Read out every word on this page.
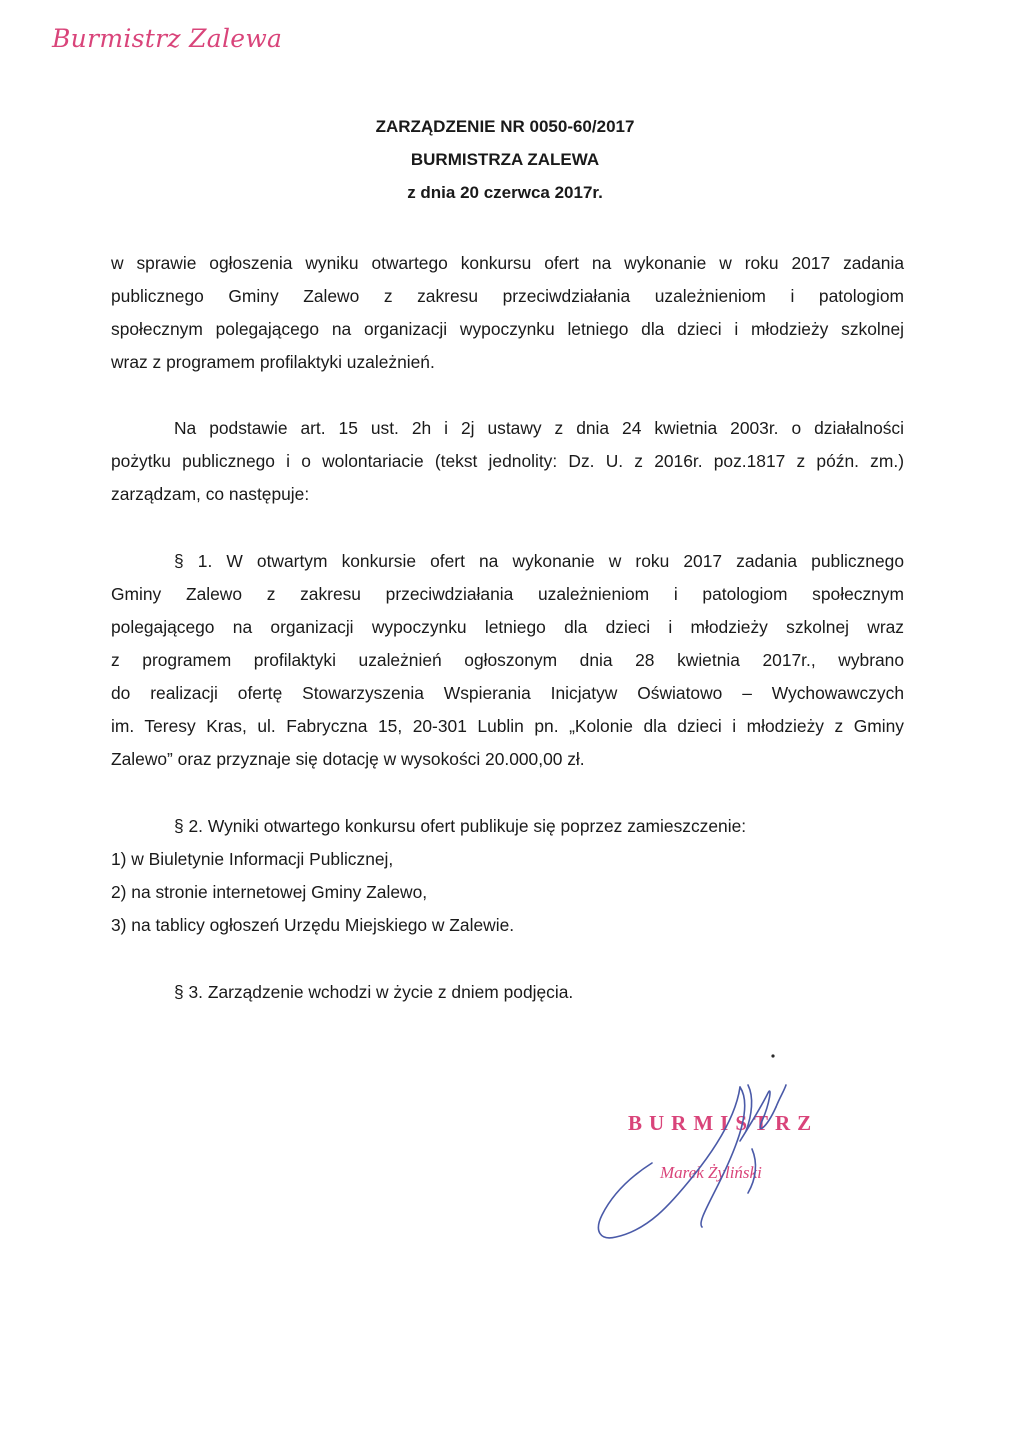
Burmistrz Zalewa
ZARZĄDZENIE NR 0050-60/2017
BURMISTRZA ZALEWA
z dnia 20 czerwca 2017r.
w sprawie ogłoszenia wyniku otwartego konkursu ofert na wykonanie w roku 2017 zadania
publicznego Gminy Zalewo z zakresu przeciwdziałania uzależnieniom i patologiom
społecznym polegającego na organizacji wypoczynku letniego dla dzieci i młodzieży szkolnej
wraz z programem profilaktyki uzależnień.
Na podstawie art. 15 ust. 2h i 2j ustawy z dnia 24 kwietnia 2003r. o działalności
pożytku publicznego i o wolontariacie (tekst jednolity: Dz. U. z 2016r. poz.1817 z późn. zm.)
zarządzam, co następuje:
§ 1. W otwartym konkursie ofert na wykonanie w roku 2017 zadania publicznego
Gminy Zalewo z zakresu przeciwdziałania uzależnieniom i patologiom społecznym
polegającego na organizacji wypoczynku letniego dla dzieci i młodzieży szkolnej wraz
z programem profilaktyki uzależnień ogłoszonym dnia 28 kwietnia 2017r., wybrano
do realizacji ofertę Stowarzyszenia Wspierania Inicjatyw Oświatowo – Wychowawczych
im. Teresy Kras, ul. Fabryczna 15, 20-301 Lublin pn. „Kolonie dla dzieci i młodzieży z Gminy
Zalewo” oraz przyznaje się dotację w wysokości 20.000,00 zł.
§ 2. Wyniki otwartego konkursu ofert publikuje się poprzez zamieszczenie:
1) w Biuletynie Informacji Publicznej,
2) na stronie internetowej Gminy Zalewo,
3) na tablicy ogłoszeń Urzędu Miejskiego w Zalewie.
§ 3. Zarządzenie wchodzi w życie z dniem podjęcia.
BURMISTRZ
Marek Żyliński
